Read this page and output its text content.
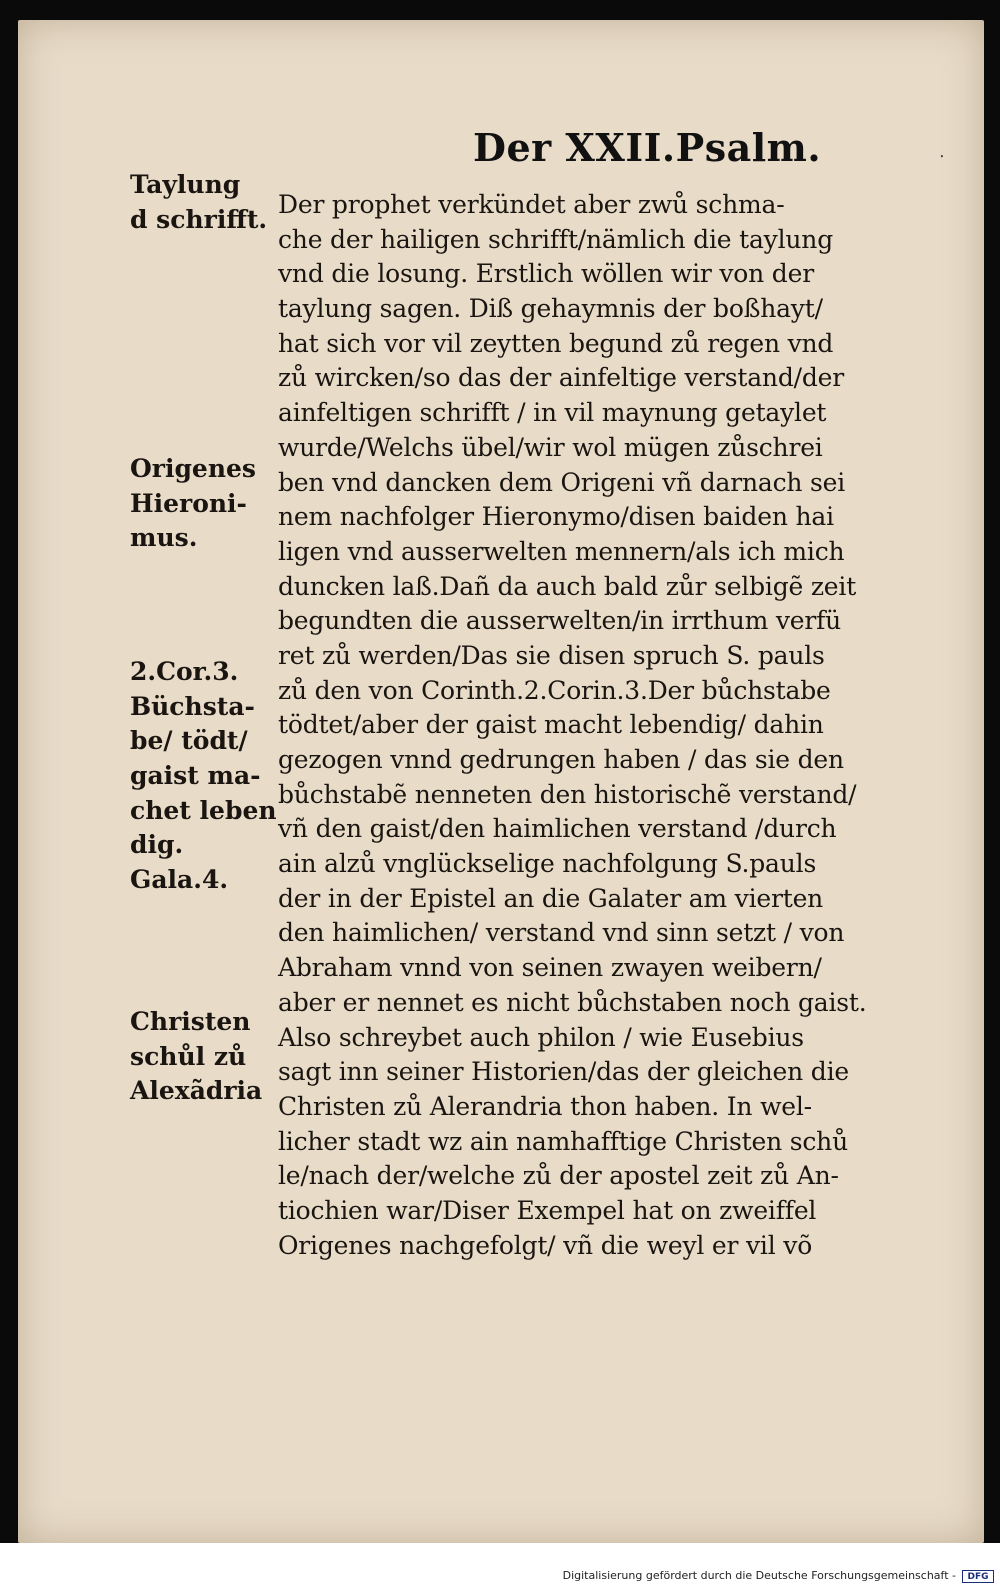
Der XXII.Psalm.	⸱
Der prophet verkündet aber zwů schma-
che der hailigen schrifft/nämlich die taylung
vnd die losung. Erstlich wöllen wir von der
taylung sagen. Diß gehaymnis der boßhayt/
hat sich vor vil zeytten begund zů regen vnd
zů wircken/so das der ainfeltige verstand/der
ainfeltigen schrifft / in vil maynung getaylet
wurde/Welchs übel/wir wol mügen zůschrei
ben vnd dancken dem Origeni vñ darnach sei
nem nachfolger Hieronymo/disen baiden hai
ligen vnd ausserwelten mennern/als ich mich
duncken laß.Dañ da auch bald zůr selbigẽ zeit
begundten die ausserwelten/in irrthum verfü
ret zů werden/Das sie disen spruch S. pauls
zů den von Corinth.2.Corin.3.Der bůchstabe
tödtet/aber der gaist macht lebendig/ dahin
gezogen vnnd gedrungen haben / das sie den
bůchstabẽ nenneten den historischẽ verstand/
vñ den gaist/den haimlichen verstand /durch
ain alzů vnglückselige nachfolgung S.pauls
der in der Epistel an die Galater am vierten
den haimlichen/ verstand vnd sinn setzt / von
Abraham vnnd von seinen zwayen weibern/
aber er nennet es nicht bůchstaben noch gaist.
Also schreybet auch philon / wie Eusebius
sagt inn seiner Historien/das der gleichen die
Christen zů Alerandria thon haben. In wel-
licher stadt wz ain namhafftige Christen schů
le/nach der/welche zů der apostel zeit zů An-
tiochien war/Diser Exempel hat on zweiffel
Origenes nachgefolgt/ vñ die weyl er vil võ
Taylung
d schrifft.
Origenes
Hieroni-
mus.
2.Cor.3.
Büchsta-
be/ tödt/
gaist ma-
chet leben
dig.
Gala.4.
Christen
schůl zů
Alexãdria
Digitalisierung gefördert durch die Deutsche Forschungsgemeinschaft -	DFG
